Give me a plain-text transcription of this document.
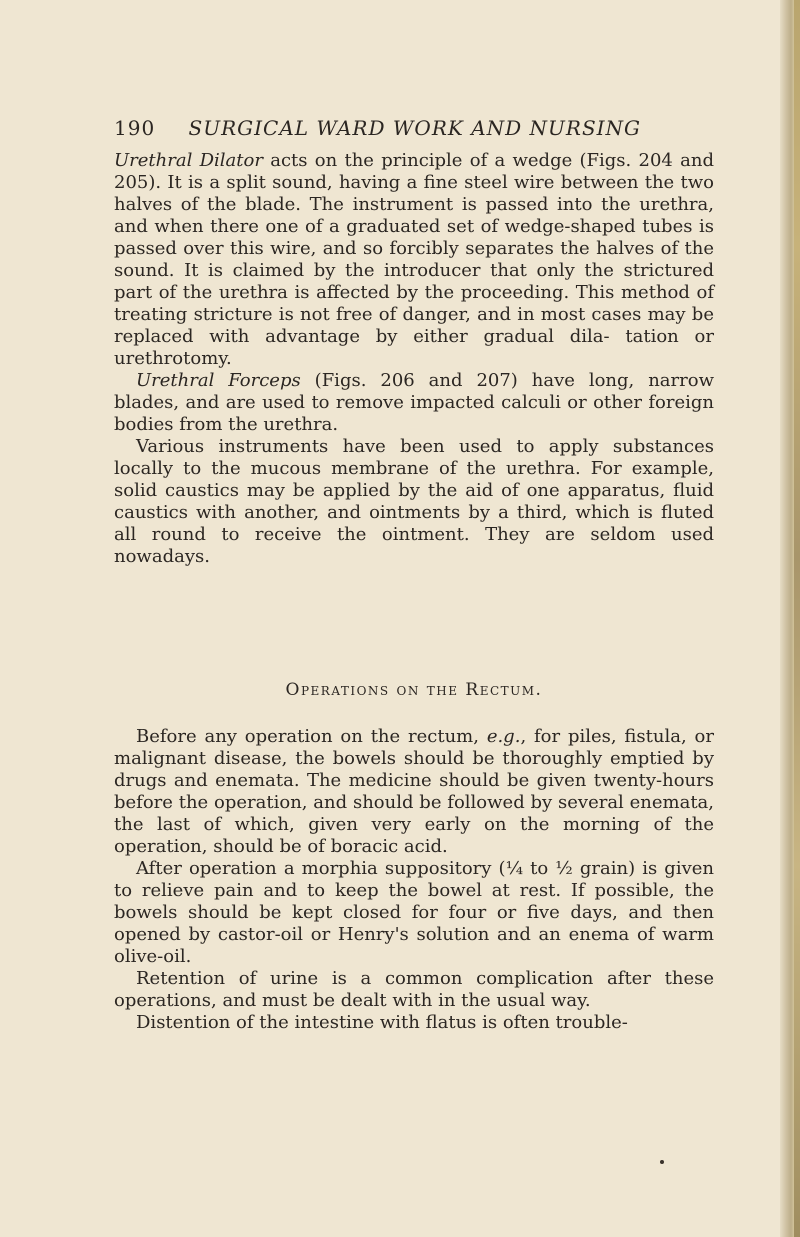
190 SURGICAL WARD WORK AND NURSING

Urethral Dilator acts on the principle of a wedge (Figs. 204 and 205). It is a split sound, having a fine steel wire between the two halves of the blade. The instrument is passed into the urethra, and when there one of a graduated set of wedge-shaped tubes is passed over this wire, and so forcibly separates the halves of the sound. It is claimed by the introducer that only the strictured part of the urethra is affected by the proceeding. This method of treating stricture is not free of danger, and in most cases may be replaced with advantage by either gradual dila- tation or urethrotomy.

Urethral Forceps (Figs. 206 and 207) have long, narrow blades, and are used to remove impacted calculi or other foreign bodies from the urethra.

Various instruments have been used to apply substances locally to the mucous membrane of the urethra. For example, solid caustics may be applied by the aid of one apparatus, fluid caustics with another, and ointments by a third, which is fluted all round to receive the ointment. They are seldom used nowadays.

Operations on the Rectum.

Before any operation on the rectum, e.g., for piles, fistula, or malignant disease, the bowels should be thoroughly emptied by drugs and enemata. The medicine should be given twenty-hours before the operation, and should be followed by several enemata, the last of which, given very early on the morning of the operation, should be of boracic acid.

After operation a morphia suppository (¼ to ½ grain) is given to relieve pain and to keep the bowel at rest. If possible, the bowels should be kept closed for four or five days, and then opened by castor-oil or Henry's solution and an enema of warm olive-oil.

Retention of urine is a common complication after these operations, and must be dealt with in the usual way.

Distention of the intestine with flatus is often trouble-
